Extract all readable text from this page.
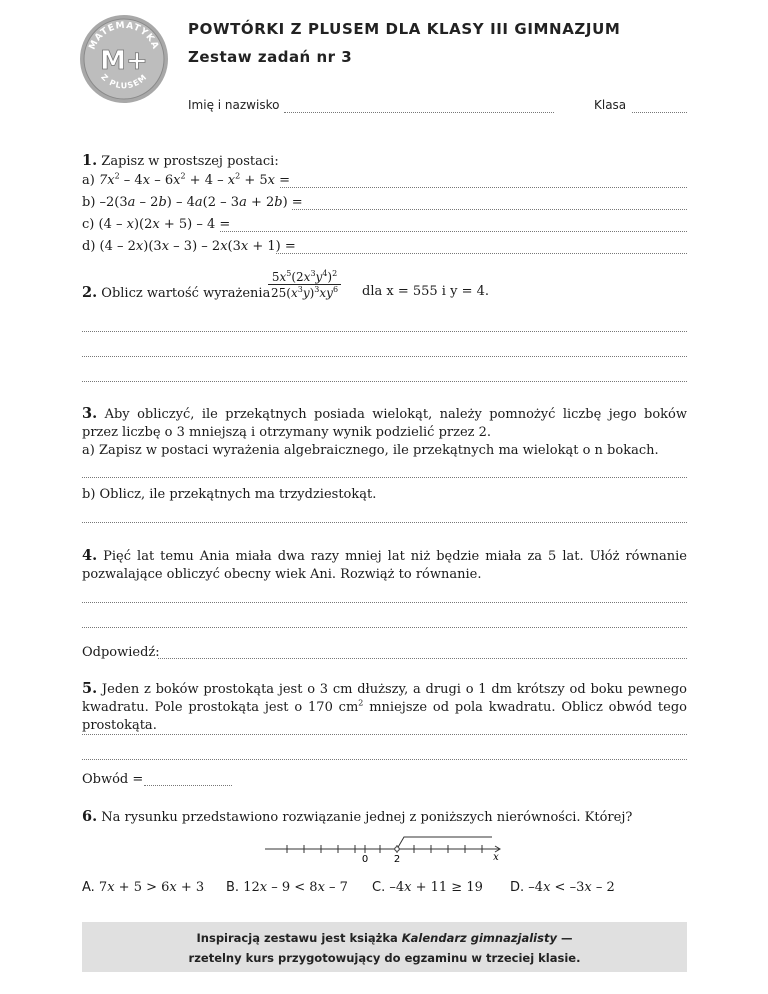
MATEMATYKA
Z PLUSEM
M+
POWTÓRKI Z PLUSEM DLA KLASY III GIMNAZJUM
Zestaw zadań nr 3
Imię i nazwisko	Klasa
1. Zapisz w prostszej postaci:
a) $7x^2 - 4x - 6x^2 + 4 - x^2 + 5x$ =
b) –2(3a – 2b) – 4a(2 – 3a + 2b) =
c) (4 – x)(2x + 5) – 4 =
d) (4 – 2x)(3x – 3) – 2x(3x + 1) =
2. Oblicz wartość wyrażenia
$5x^5(2x^3y^4)^2$
$25(x^3y)^3xy^6$ dla x = 555 i y = 4.
3. Aby obliczyć, ile przekątnych posiada wielokąt, należy pomnożyć liczbę jego boków przez liczbę o 3 mniejszą i otrzymany wynik podzielić przez 2.
a) Zapisz w postaci wyrażenia algebraicznego, ile przekątnych ma wielokąt o n bokach.
b) Oblicz, ile przekątnych ma trzydziestokąt.
4. Pięć lat temu Ania miała dwa razy mniej lat niż będzie miała za 5 lat. Ułóż równanie pozwalające obliczyć obecny wiek Ani. Rozwiąż to równanie.
Odpowiedź:
5. Jeden z boków prostokąta jest o 3 cm dłuższy, a drugi o 1 dm krótszy od boku pewnego kwadratu. Pole prostokąta jest o 170 $cm^2$ mniejsze od pola kwadratu. Oblicz obwód tego prostokąta.
Obwód =
6. Na rysunku przedstawiono rozwiązanie jednej z poniższych nierówności. Której?
0	2	x
A. 7x + 5 > 6x + 3 B. 12x – 9 < 8x – 7 C. –4x + 11 ≥ 19 D. –4x < –3x – 2
Inspiracją zestawu jest książka Kalendarz gimnazjalisty —
rzetelny kurs przygotowujący do egzaminu w trzeciej klasie.
